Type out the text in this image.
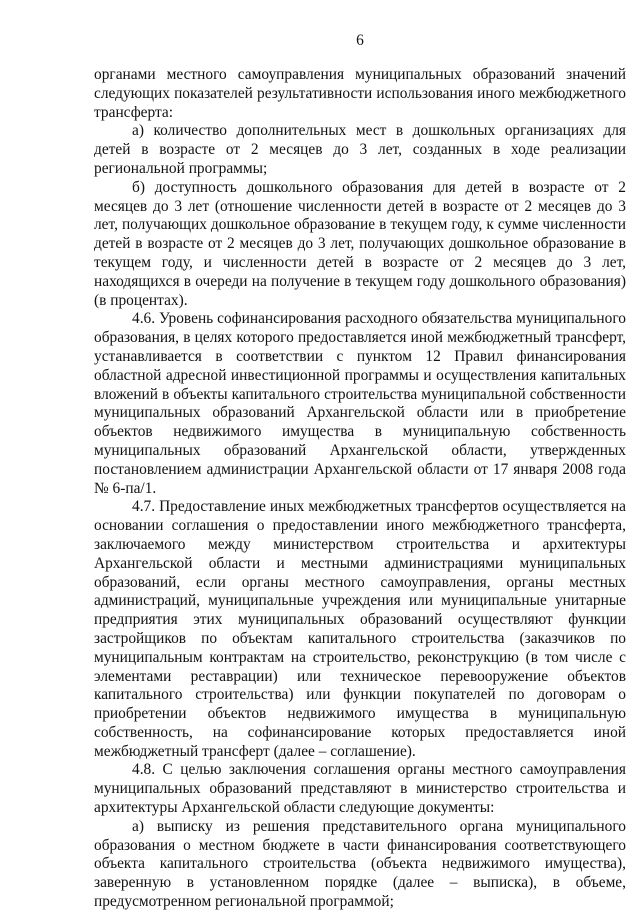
6

органами местного самоуправления муниципальных образований значений следующих показателей результативности использования иного межбюджетного трансферта:

а) количество дополнительных мест в дошкольных организациях для детей в возрасте от 2 месяцев до 3 лет, созданных в ходе реализации региональной программы;

б) доступность дошкольного образования для детей в возрасте от 2 месяцев до 3 лет (отношение численности детей в возрасте от 2 месяцев до 3 лет, получающих дошкольное образование в текущем году, к сумме численности детей в возрасте от 2 месяцев до 3 лет, получающих дошкольное образование в текущем году, и численности детей в возрасте от 2 месяцев до 3 лет, находящихся в очереди на получение в текущем году дошкольного образования) (в процентах).

4.6. Уровень софинансирования расходного обязательства муниципального образования, в целях которого предоставляется иной межбюджетный трансферт, устанавливается в соответствии с пунктом 12 Правил финансирования областной адресной инвестиционной программы и осуществления капитальных вложений в объекты капитального строительства муниципальной собственности муниципальных образований Архангельской области или в приобретение объектов недвижимого имущества в муниципальную собственность муниципальных образований Архангельской области, утвержденных постановлением администрации Архангельской области от 17 января 2008 года № 6-па/1.

4.7. Предоставление иных межбюджетных трансфертов осуществляется на основании соглашения о предоставлении иного межбюджетного трансферта, заключаемого между министерством строительства и архитектуры Архангельской области и местными администрациями муниципальных образований, если органы местного самоуправления, органы местных администраций, муниципальные учреждения или муниципальные унитарные предприятия этих муниципальных образований осуществляют функции застройщиков по объектам капитального строительства (заказчиков по муниципальным контрактам на строительство, реконструкцию (в том числе с элементами реставрации) или техническое перевооружение объектов капитального строительства) или функции покупателей по договорам о приобретении объектов недвижимого имущества в муниципальную собственность, на софинансирование которых предоставляется иной межбюджетный трансферт (далее – соглашение).

4.8. С целью заключения соглашения органы местного самоуправления муниципальных образований представляют в министерство строительства и архитектуры Архангельской области следующие документы:

а) выписку из решения представительного органа муниципального образования о местном бюджете в части финансирования соответствующего объекта капитального строительства (объекта недвижимого имущества), заверенную в установленном порядке (далее – выписка), в объеме, предусмотренном региональной программой;
